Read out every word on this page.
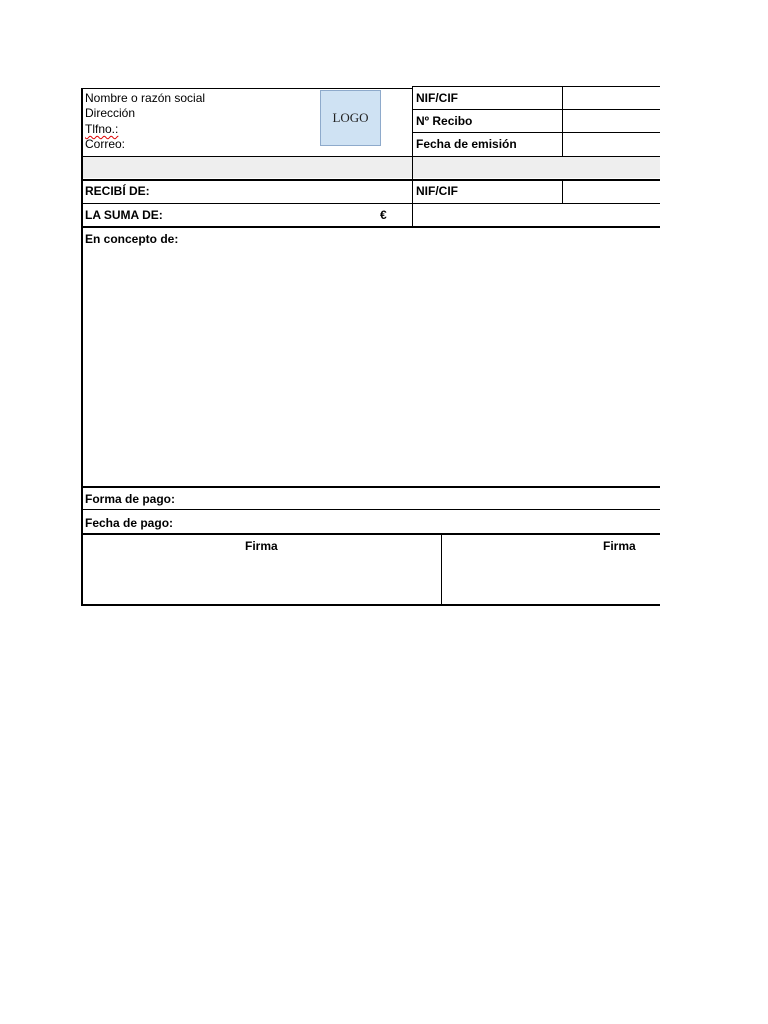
Nombre o razón social
Dirección
Tlfno.:
Correo:
LOGO
NIF/CIF
Nº Recibo
Fecha de emisión
RECIBÍ DE:	NIF/CIF
LA SUMA DE:	€
En concepto de:
Forma de pago:
Fecha de pago:
Firma	Firma
